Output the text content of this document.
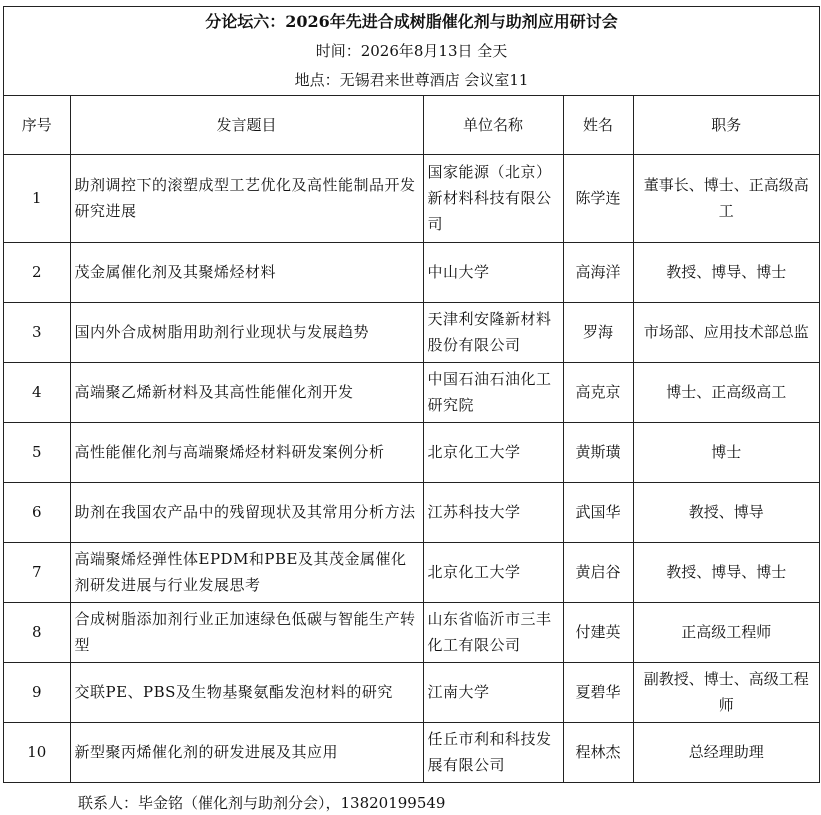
分论坛六：2026年先进合成树脂催化剂与助剂应用研讨会
时间：2026年8月13日 全天
地点：无锡君来世尊酒店 会议室11
序号	发言题目	单位名称	姓名	职务
1	助剂调控下的滚塑成型工艺优化及高性能制品开发研究进展	国家能源（北京）新材料科技有限公司	陈学连	董事长、博士、正高级高工
2	茂金属催化剂及其聚烯烃材料	中山大学	高海洋	教授、博导、博士
3	国内外合成树脂用助剂行业现状与发展趋势	天津利安隆新材料股份有限公司	罗海	市场部、应用技术部总监
4	高端聚乙烯新材料及其高性能催化剂开发	中国石油石油化工研究院	高克京	博士、正高级高工
5	高性能催化剂与高端聚烯烃材料研发案例分析	北京化工大学	黄斯璜	博士
6	助剂在我国农产品中的残留现状及其常用分析方法	江苏科技大学	武国华	教授、博导
7	高端聚烯烃弹性体EPDM和PBE及其茂金属催化剂研发进展与行业发展思考	北京化工大学	黄启谷	教授、博导、博士
8	合成树脂添加剂行业正加速绿色低碳与智能生产转型	山东省临沂市三丰化工有限公司	付建英	正高级工程师
9	交联PE、PBS及生物基聚氨酯发泡材料的研究	江南大学	夏碧华	副教授、博士、高级工程师
10	新型聚丙烯催化剂的研发进展及其应用	任丘市利和科技发展有限公司	程林杰	总经理助理
联系人：毕金铭（催化剂与助剂分会），13820199549
